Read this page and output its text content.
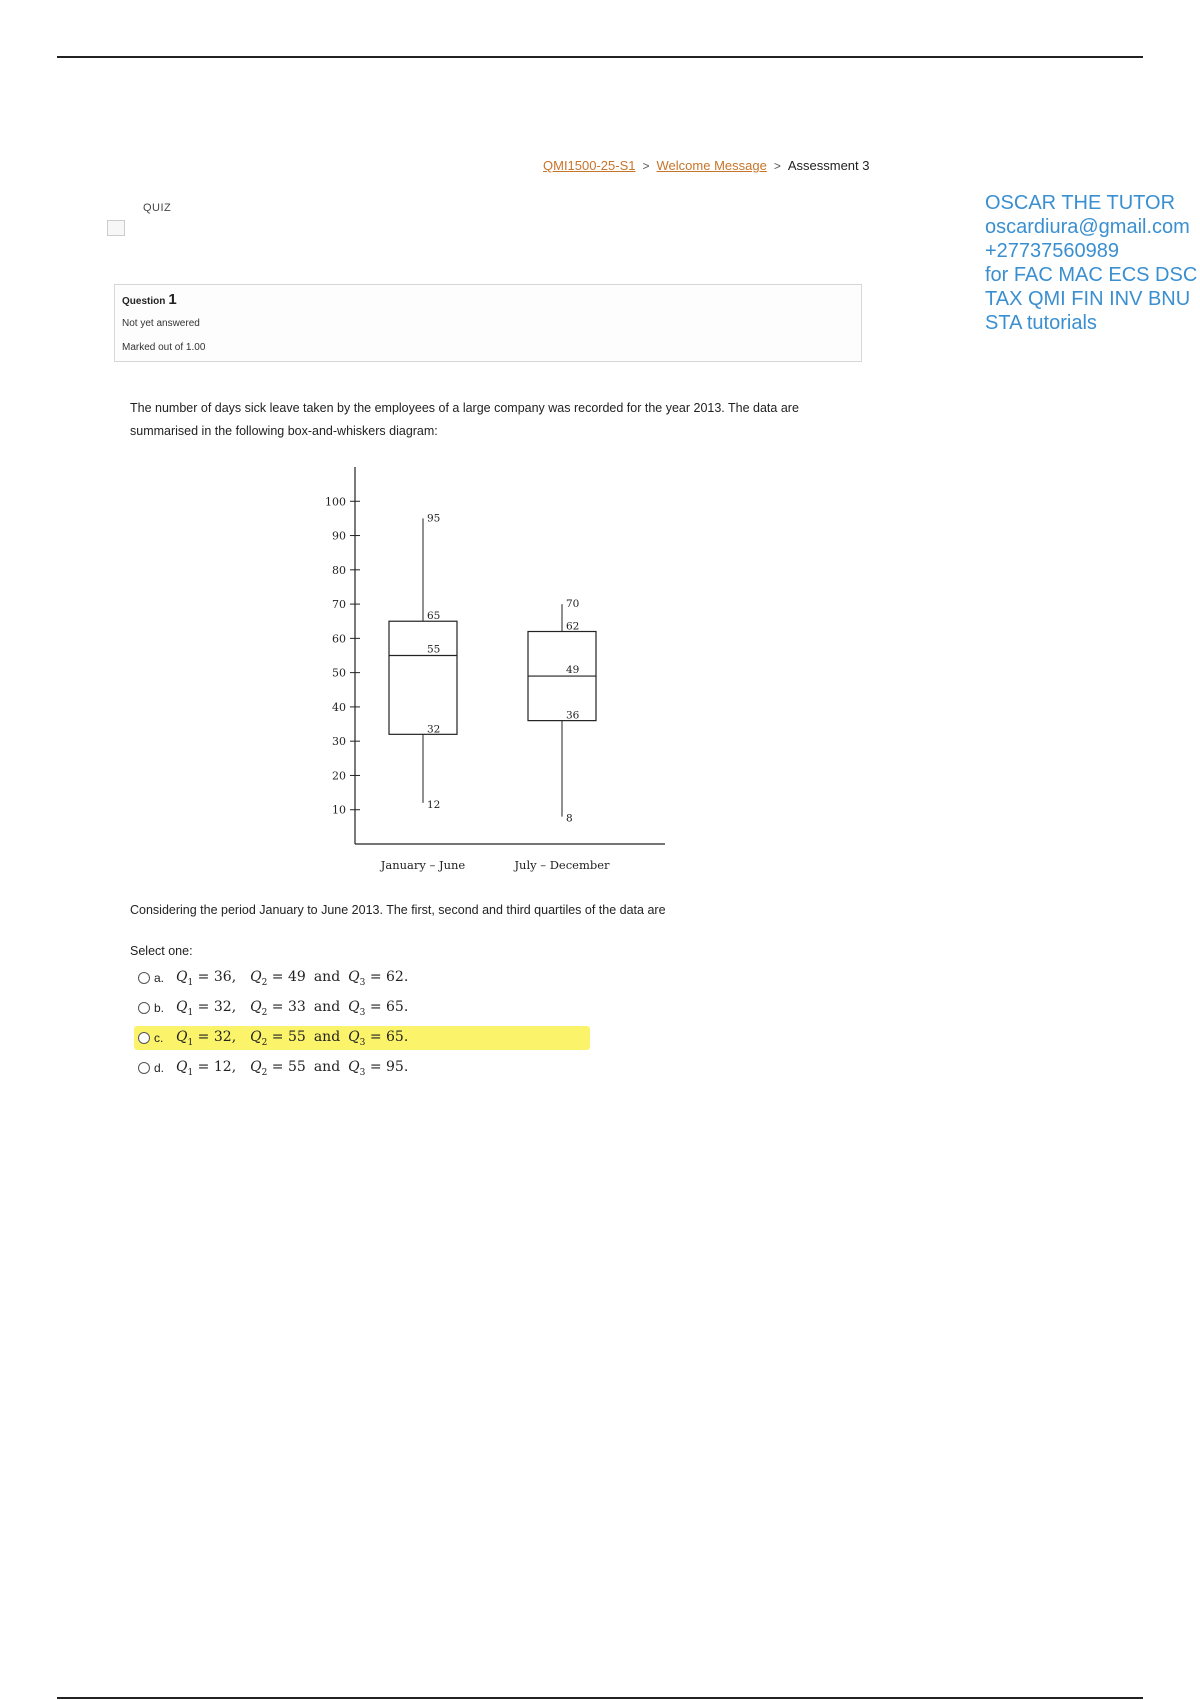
QMI1500-25-S1 > Welcome Message > Assessment 3
QUIZ
Question 1
Not yet answered
Marked out of 1.00
OSCAR THE TUTOR
oscardiura@gmail.com
+27737560989
for FAC MAC ECS DSC
TAX QMI FIN INV BNU
STA tutorials
The number of days sick leave taken by the employees of a large company was recorded for the year 2013. The data are summarised in the following box-and-whiskers diagram:
10
20
30
40
50
60
70
80
90
100
95
65
55
32
12
January – June
70
62
49
36
8
July – December
Considering the period January to June 2013. The first, second and third quartiles of the data are
Select one:
a. $Q_1 = 36$, $Q_2 = 49$ and $Q_3 = 62$.
b. $Q_1 = 32$, $Q_2 = 33$ and $Q_3 = 65$.
c. $Q_1 = 32$, $Q_2 = 55$ and $Q_3 = 65$.
d. $Q_1 = 12$, $Q_2 = 55$ and $Q_3 = 95$.
